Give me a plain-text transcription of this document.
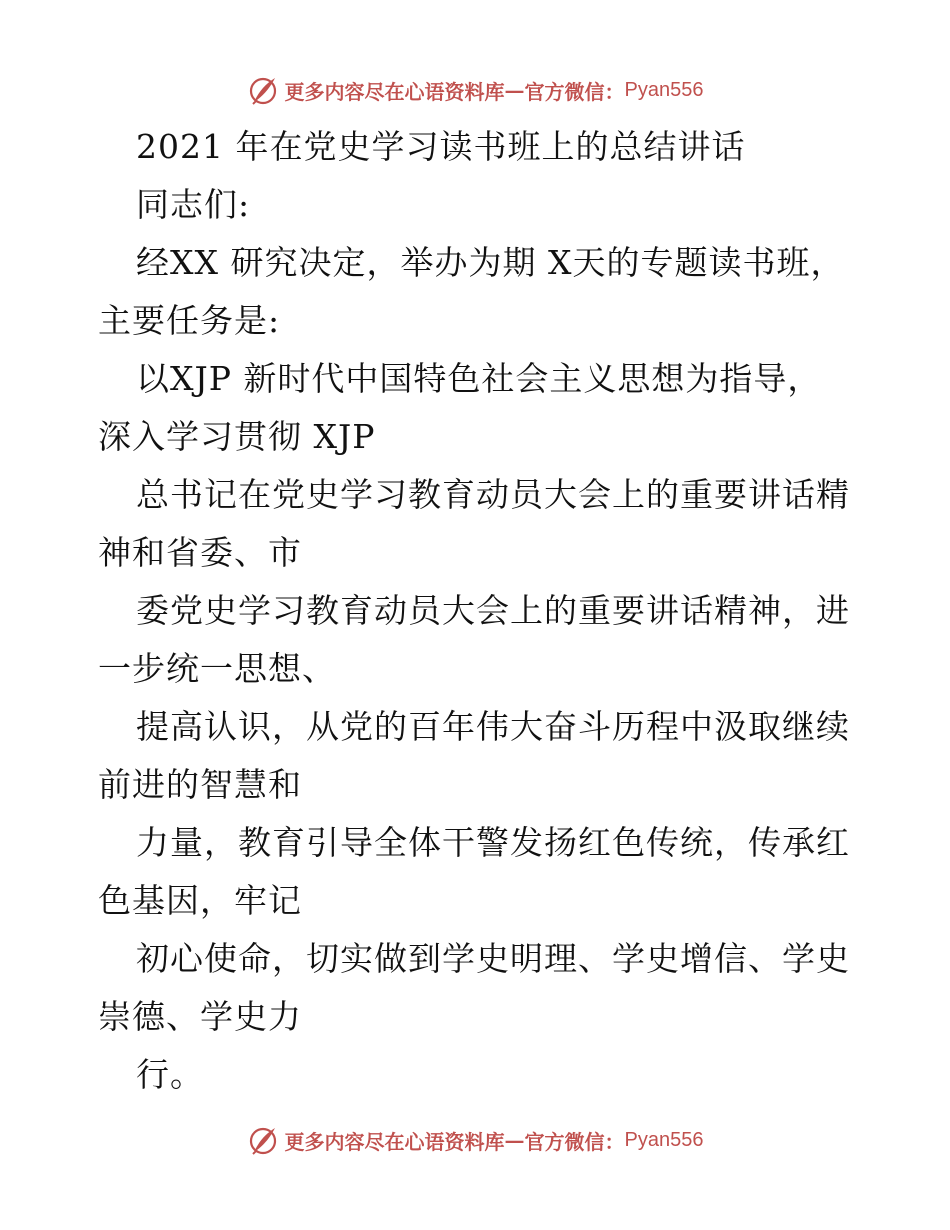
更多内容尽在心语资料库 — 官方微信： Pyan556
2021 年在党史学习读书班上的总结讲话
同志们:
经XX 研究决定，举办为期 X天的专题读书班，
主要任务是:
以XJP 新时代中国特色社会主义思想为指导，
深入学习贯彻 XJP
总书记在党史学习教育动员大会上的重要讲话精
神和省委、市
委党史学习教育动员大会上的重要讲话精神，进
一步统一思想、
提高认识，从党的百年伟大奋斗历程中汲取继续
前进的智慧和
力量，教育引导全体干警发扬红色传统，传承红
色基因，牢记
初心使命，切实做到学史明理、学史增信、学史
崇德、学史力
行。
更多内容尽在心语资料库 — 官方微信： Pyan556
